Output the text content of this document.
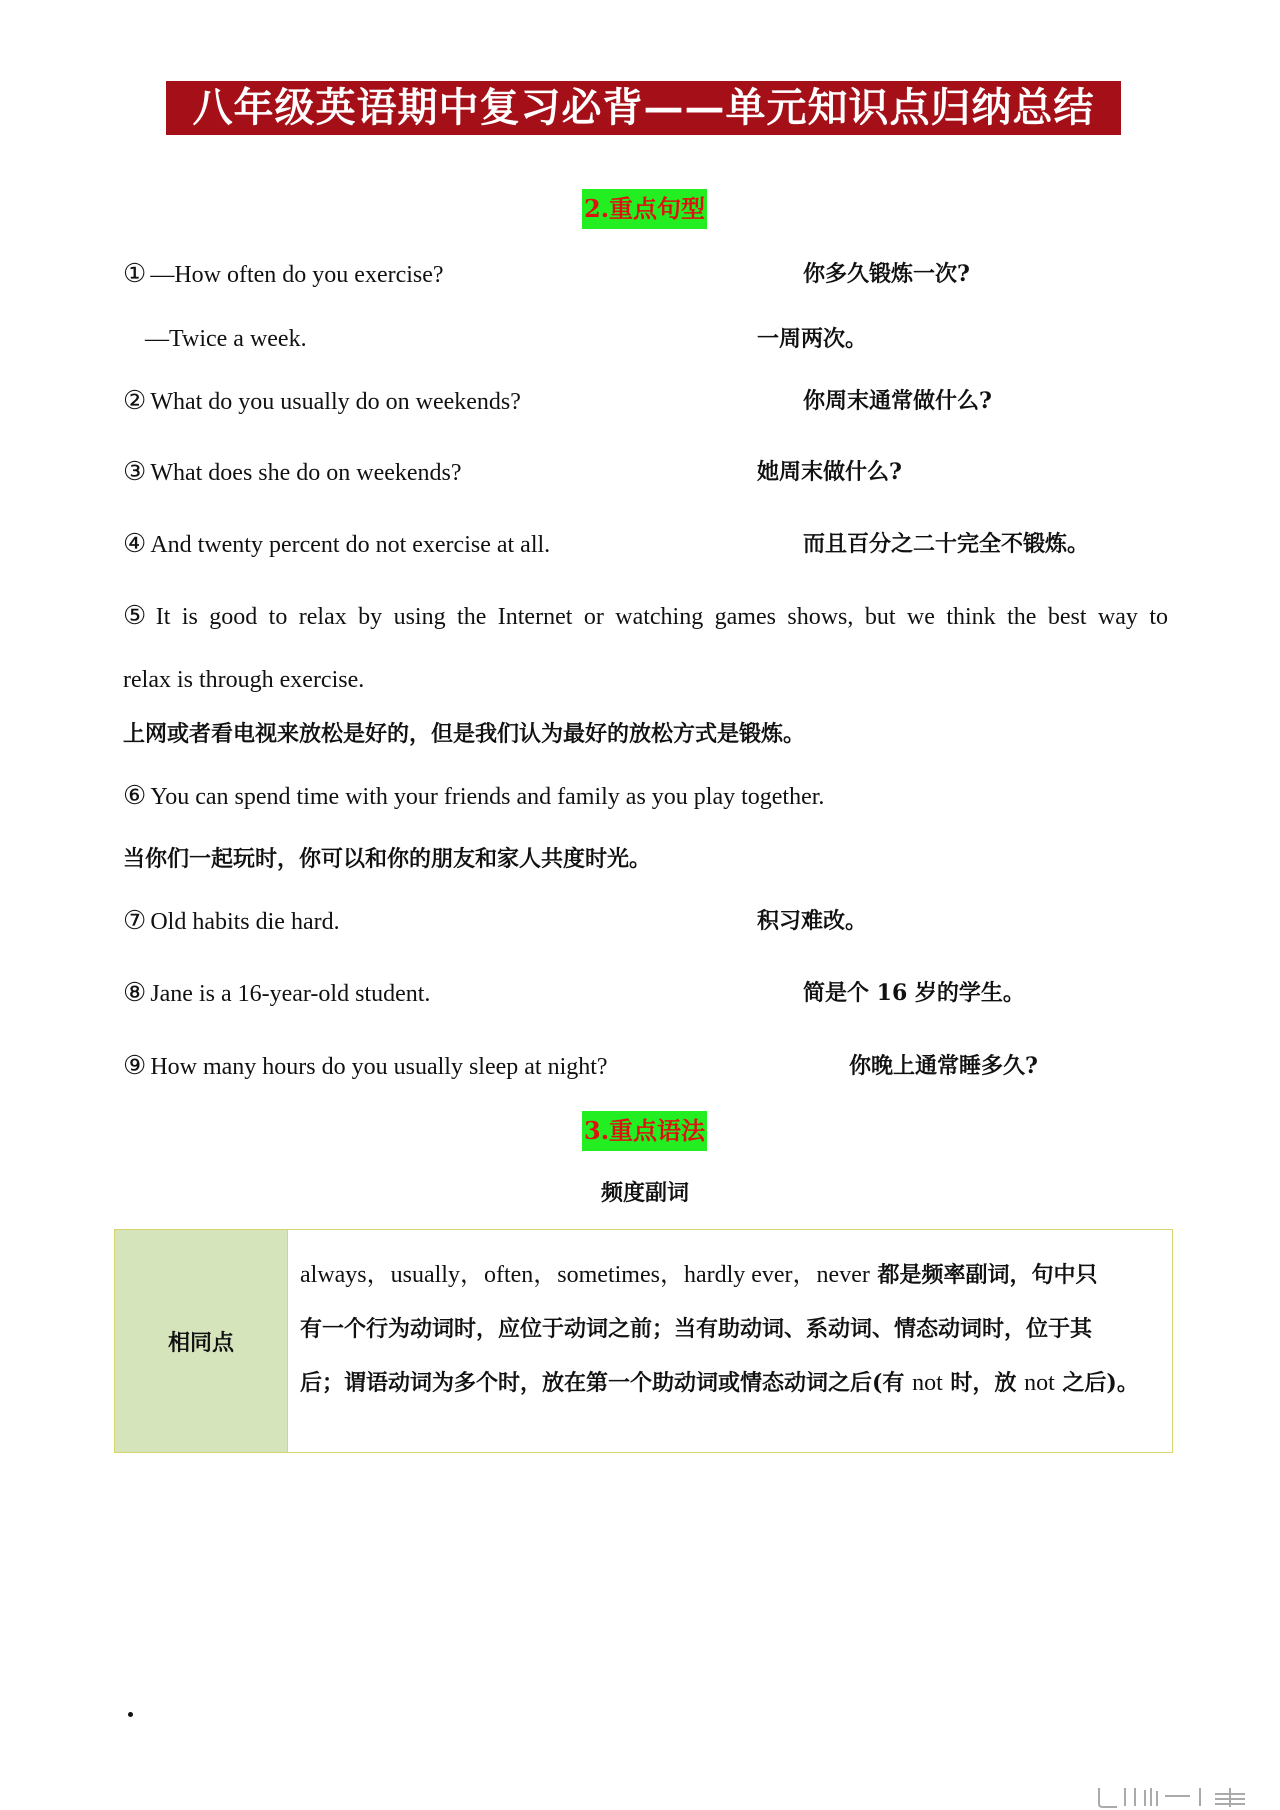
八年级英语期中复习必背——单元知识点归纳总结
2.重点句型
① —How often do you exercise?	你多久锻炼一次?
—Twice a week.	一周两次。
② What do you usually do on weekends?	你周末通常做什么?
③ What does she do on weekends?	她周末做什么?
④ And twenty percent do not exercise at all.	而且百分之二十完全不锻炼。
⑤ It is good to relax by using the Internet or watching games shows, but we think the best way to
relax is through exercise.
上网或者看电视来放松是好的，但是我们认为最好的放松方式是锻炼。
⑥ You can spend time with your friends and family as you play together.
当你们一起玩时，你可以和你的朋友和家人共度时光。
⑦ Old habits die hard.	积习难改。
⑧ Jane is a 16-year-old student.	简是个 16 岁的学生。
⑨ How many hours do you usually sleep at night?	你晚上通常睡多久?
3.重点语法
频度副词
相同点
always，usually，often，sometimes，hardly ever，never 都是频率副词，句中只
有一个行为动词时，应位于动词之前；当有助动词、系动词、情态动词时，位于其
后；谓语动词为多个时，放在第一个助动词或情态动词之后(有 not 时，放 not 之后)。
